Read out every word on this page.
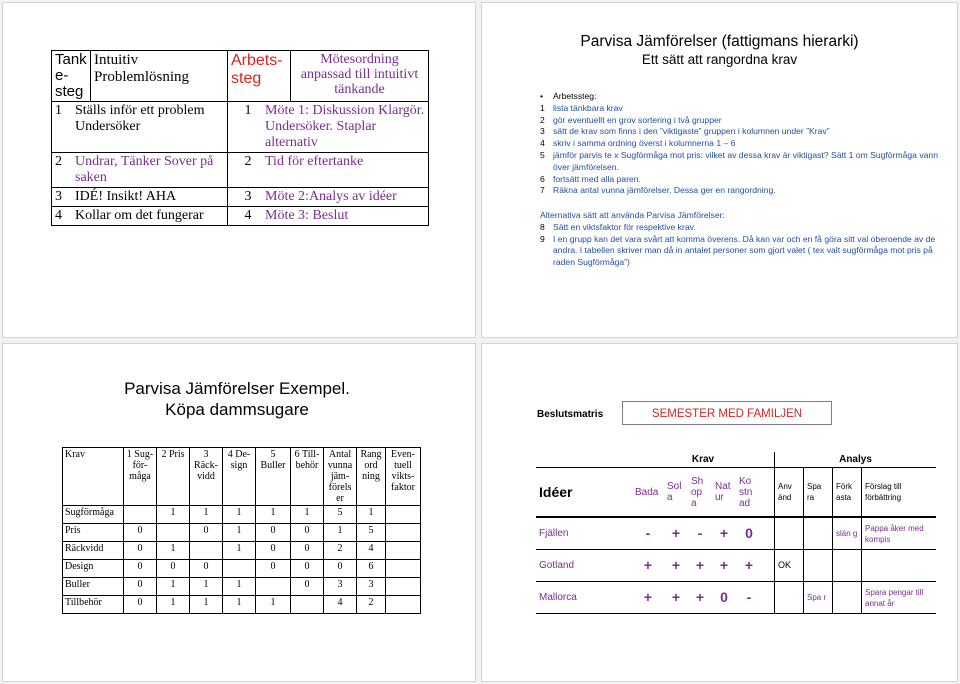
Tank e- steg	Intuitiv Problemlösning	Arbets- steg	Mötesordning anpassad till intuitivt tänkande

1 Ställs inför ett problem Undersöker		1 Möte 1: Diskussion Klargör. Undersöker. Staplar alternativ	

2 Undrar, Tänker Sover på saken		2 Tid för eftertanke	

3 IDÉ! Insikt! AHA		3 Möte 2:Analys av idéer	

4 Kollar om det fungerar		4 Möte 3: Beslut	
Parvisa Jämförelser (fattigmans hierarki)
Ett sätt att rangordna krav
•	Arbetssteg:
1 lista tänkbara krav
2 gör eventuellt en grov sortering i två grupper
3 sätt de krav som finns i den ”viktigaste” gruppen i kolumnen under ”Krav”
4 skriv i samma ordning överst i kolumnerna 1 – 6
5 jämför parvis te x Sugförmåga mot pris: vilket av dessa krav är viktigast? Sätt 1 om Sugförmåga vann över jämförelsen.
6 fortsätt med alla paren.
7 Räkna antal vunna jämförelser. Dessa ger en rangordning.
Alternativa sätt att använda Parvisa Jämförelser:
8 Sätt en viktsfaktor för respektive krav.
9 I en grupp kan det vara svårt att komma överens. Då kan var och en få göra sitt val oberoende av de andra. I tabellen skriver man då in antalet personer som gjort valet ( tex valt sugförmåga mot pris på raden Sugförmåga”)
Parvisa Jämförelser Exempel.
Köpa dammsugare
Krav	1 Sug- för- måga	2 Pris	3 Räck- vidd	4 De- sign	5 Buller	6 Till- behör	Antal vunna jäm- förels er	Rang ord ning	Even- tuell vikts- faktor
Sugförmåga		1	1	1	1	1	5	1	
Pris	0		0	1	0	0	1	5	
Räckvidd	0	1		1	0	0	2	4	
Design	0	0	0		0	0	0	6	
Buller	0	1	1	1		0	3	3	
Tillbehör	0	1	1	1	1		4	2	
Beslutsmatris	SEMESTER MED FAMILJEN
	Krav						Analys			
Idéer	Bada	Sol a	Sh op a	Nat ur	Ko stn ad		Anv änd	Spa ra	Förk asta	Förslag till förbättring
Fjällen	-	+	-	+	0				slän g	Pappa åker med kompis
Gotland	+	+	+	+	+		OK			
Mallorca	+	+	+	0	-			Spa r		Spara pengar till annat år
